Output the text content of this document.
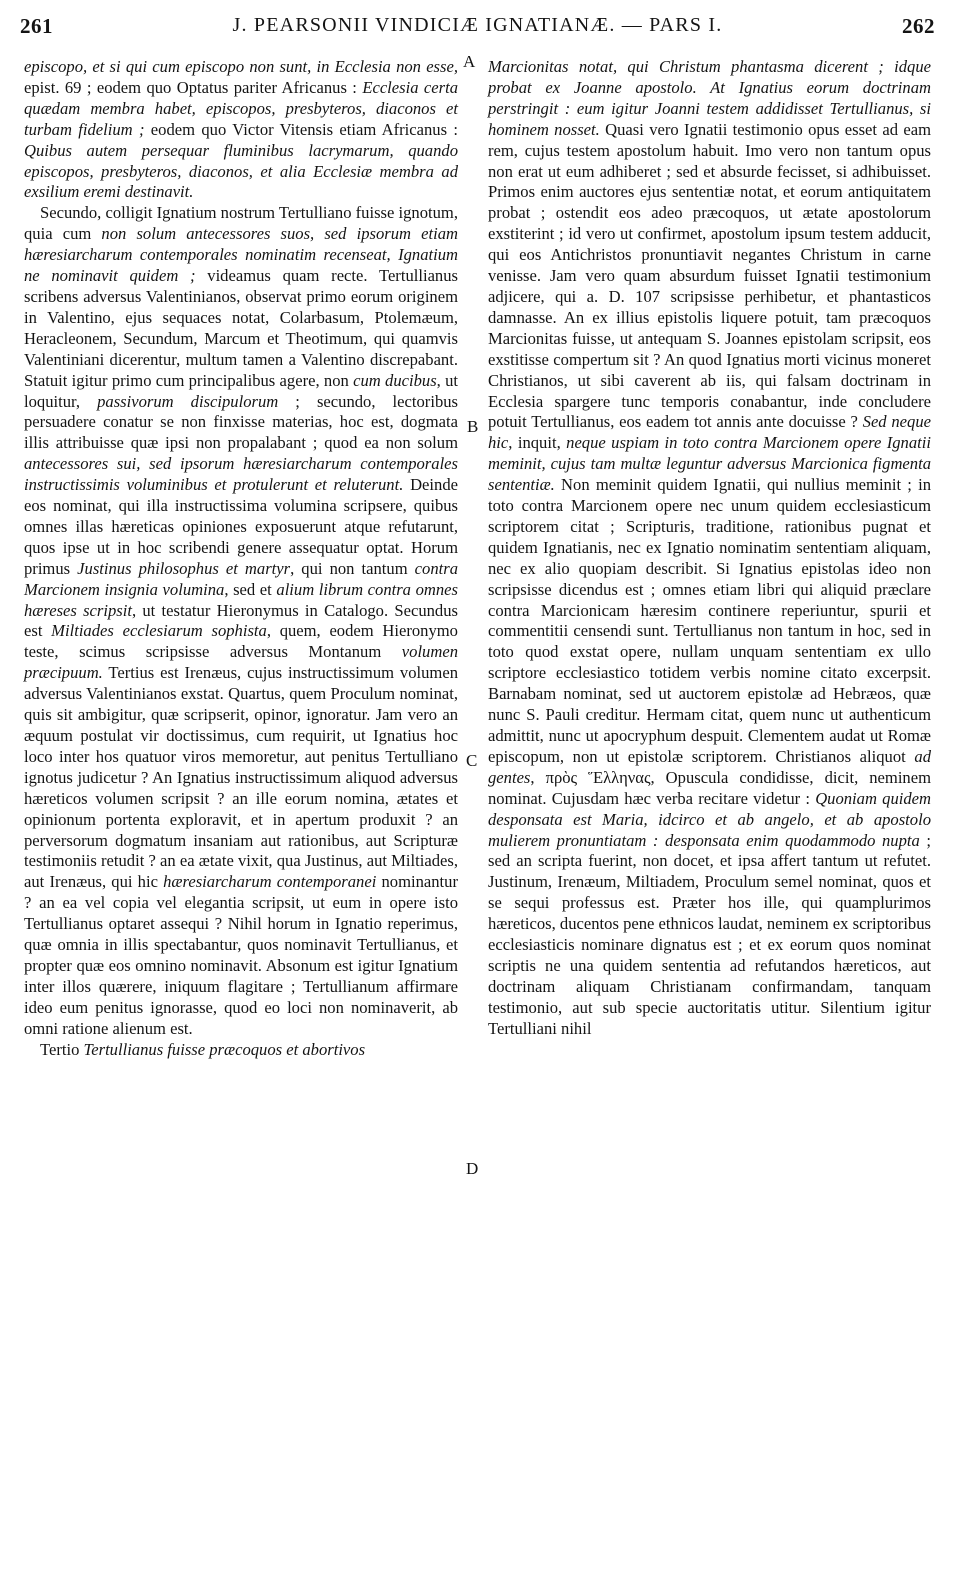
261	J. PEARSONII VINDICIÆ IGNATIANÆ. — PARS I.	262

episcopo, et si qui cum episcopo non sunt, in Ecclesia non esse, epist. 69 ; eodem quo Optatus pariter Africanus : Ecclesia certa quædam membra habet, episcopos, presbyteros, diaconos et turbam fidelium ; eodem quo Victor Vitensis etiam Africanus : Quibus autem persequar fluminibus lacrymarum, quando episcopos, presbyteros, diaconos, et alia Ecclesiæ membra ad exsilium eremi destinavit.

Secundo, colligit Ignatium nostrum Tertulliano fuisse ignotum, quia cum non solum antecessores suos, sed ipsorum etiam hæresiarcharum contemporales nominatim recenseat, Ignatium ne nominavit quidem ; videamus quam recte. Tertullianus scribens adversus Valentinianos, observat primo eorum originem in Valentino, ejus sequaces notat, Colarbasum, Ptolemæum, Heracleonem, Secundum, Marcum et Theotimum, qui quamvis Valentiniani dicerentur, multum tamen a Valentino discrepabant. Statuit igitur primo cum principalibus agere, non cum ducibus, ut loquitur, passivorum discipulorum ; secundo, lectoribus persuadere conatur se non finxisse materias, hoc est, dogmata illis attribuisse quæ ipsi non propalabant ; quod ea non solum antecessores sui, sed ipsorum hæresiarcharum contemporales instructissimis voluminibus et protulerunt et reluterunt. Deinde eos nominat, qui illa instructissima volumina scripsere, quibus omnes illas hæreticas opiniones exposuerunt atque refutarunt, quos ipse ut in hoc scribendi genere assequatur optat. Horum primus Justinus philosophus et martyr, qui non tantum contra Marcionem insignia volumina, sed et alium librum contra omnes hæreses scripsit, ut testatur Hieronymus in Catalogo. Secundus est Miltiades ecclesiarum sophista, quem, eodem Hieronymo teste, scimus scripsisse adversus Montanum volumen præcipuum. Tertius est Irenæus, cujus instructissimum volumen adversus Valentinianos exstat. Quartus, quem Proculum nominat, quis sit ambigitur, quæ scripserit, opinor, ignoratur. Jam vero an æquum postulat vir doctissimus, cum requirit, ut Ignatius hoc loco inter hos quatuor viros memoretur, aut penitus Tertulliano ignotus judicetur ? An Ignatius instructissimum aliquod adversus hæreticos volumen scripsit ? an ille eorum nomina, ætates et opinionum portenta exploravit, et in apertum produxit ? an perversorum dogmatum insaniam aut rationibus, aut Scripturæ testimoniis retudit ? an ea ætate vixit, qua Justinus, aut Miltiades, aut Irenæus, qui hic hæresiarcharum contemporanei nominantur ? an ea vel copia vel elegantia scripsit, ut eum in opere isto Tertullianus optaret assequi ? Nihil horum in Ignatio reperimus, quæ omnia in illis spectabantur, quos nominavit Tertullianus, et propter quæ eos omnino nominavit. Absonum est igitur Ignatium inter illos quærere, iniquum flagitare ; Tertullianum affirmare ideo eum penitus ignorasse, quod eo loci non nominaverit, ab omni ratione alienum est.

Tertio Tertullianus fuisse præcoquos et abortivos

Marcionitas notat, qui Christum phantasma dicerent ; idque probat ex Joanne apostolo. At Ignatius eorum doctrinam perstringit : eum igitur Joanni testem addidisset Tertullianus, si hominem nosset. Quasi vero Ignatii testimonio opus esset ad eam rem, cujus testem apostolum habuit. Imo vero non tantum opus non erat ut eum adhiberet ; sed et absurde fecisset, si adhibuisset. Primos enim auctores ejus sententiæ notat, et eorum antiquitatem probat ; ostendit eos adeo præcoquos, ut ætate apostolorum exstiterint ; id vero ut confirmet, apostolum ipsum testem adducit, qui eos Antichristos pronuntiavit negantes Christum in carne venisse. Jam vero quam absurdum fuisset Ignatii testimonium adjicere, qui a. D. 107 scripsisse perhibetur, et phantasticos damnasse. An ex illius epistolis liquere potuit, tam præcoquos Marcionitas fuisse, ut antequam S. Joannes epistolam scripsit, eos exstitisse compertum sit ? An quod Ignatius morti vicinus moneret Christianos, ut sibi caverent ab iis, qui falsam doctrinam in Ecclesia spargere tunc temporis conabantur, inde concludere potuit Tertullianus, eos eadem tot annis ante docuisse ? Sed neque hic, inquit, neque uspiam in toto contra Marcionem opere Ignatii meminit, cujus tam multæ leguntur adversus Marcionica figmenta sententiæ. Non meminit quidem Ignatii, qui nullius meminit ; in toto contra Marcionem opere nec unum quidem ecclesiasticum scriptorem citat ; Scripturis, traditione, rationibus pugnat et quidem Ignatianis, nec ex Ignatio nominatim sententiam aliquam, nec ex alio quopiam describit. Si Ignatius epistolas ideo non scripsisse dicendus est ; omnes etiam libri qui aliquid præclare contra Marcionicam hæresim continere reperiuntur, spurii et commentitii censendi sunt. Tertullianus non tantum in hoc, sed in toto quod exstat opere, nullam unquam sententiam ex ullo scriptore ecclesiastico totidem verbis nomine citato excerpsit. Barnabam nominat, sed ut auctorem epistolæ ad Hebræos, quæ nunc S. Pauli creditur. Hermam citat, quem nunc ut authenticum admittit, nunc ut apocryphum despuit. Clementem audat ut Romæ episcopum, non ut epistolæ scriptorem. Christianos aliquot ad gentes, πρὸς Ἕλληνας, Opuscula condidisse, dicit, neminem nominat. Cujusdam hæc verba recitare videtur : Quoniam quidem desponsata est Maria, idcirco et ab angelo, et ab apostolo mulierem pronuntiatam : desponsata enim quodammodo nupta ; sed an scripta fuerint, non docet, et ipsa affert tantum ut refutet. Justinum, Irenæum, Miltiadem, Proculum semel nominat, quos et se sequi professus est. Præter hos ille, qui quamplurimos hæreticos, ducentos pene ethnicos laudat, neminem ex scriptoribus ecclesiasticis nominare dignatus est ; et ex eorum quos nominat scriptis ne una quidem sententia ad refutandos hæreticos, aut doctrinam aliquam Christianam confirmandam, tanquam testimonio, aut sub specie auctoritatis utitur. Silentium igitur Tertulliani nihil

A
B
C
D
